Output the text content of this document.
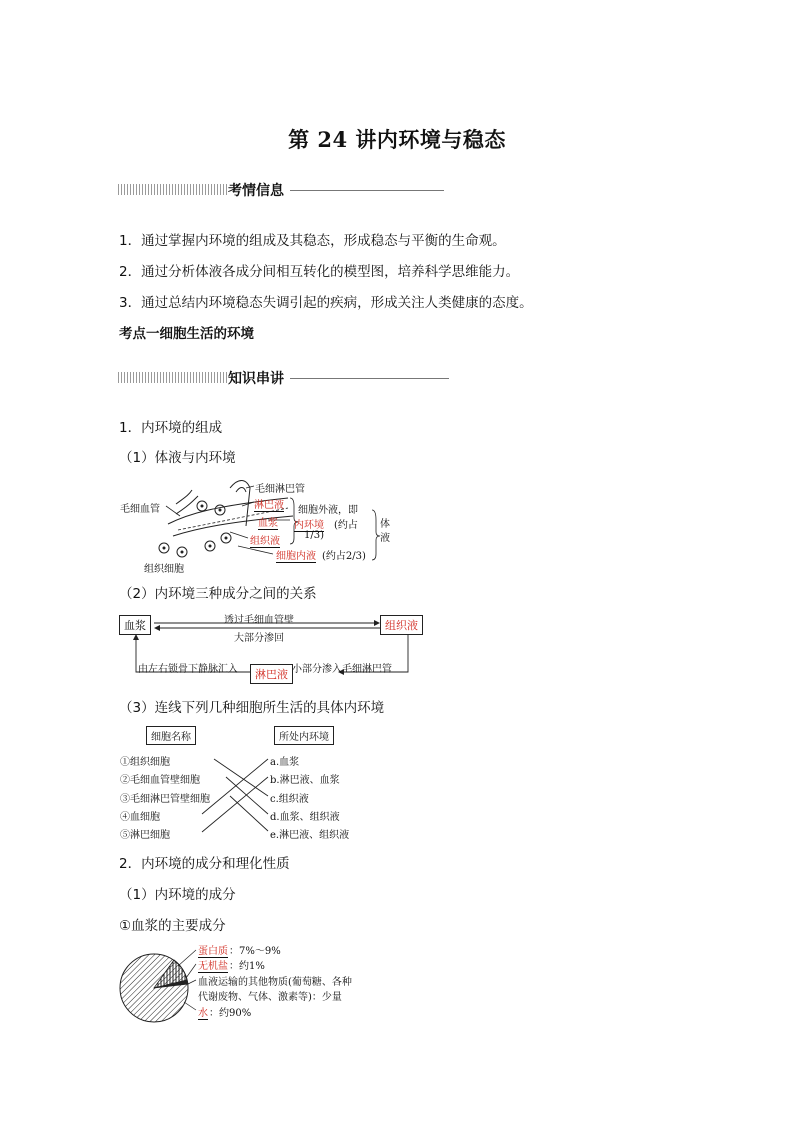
第 24 讲内环境与稳态
考情信息
1．通过掌握内环境的组成及其稳态，形成稳态与平衡的生命观。
2．通过分析体液各成分间相互转化的模型图，培养科学思维能力。
3．通过总结内环境稳态失调引起的疾病，形成关注人类健康的态度。
考点一细胞生活的环境
知识串讲
1．内环境的组成
（1）体液与内环境
毛细血管
毛细淋巴管
淋巴液
血浆
组织液
组织细胞
细胞外液，即
内环境 (约占
1/3)
细胞内液 (约占2/3)
体
液
（2）内环境三种成分之间的关系
血浆	组织液
淋巴液
透过毛细血管壁
大部分渗回
由左右锁骨下静脉汇入	小部分渗入毛细淋巴管
（3）连线下列几种细胞所生活的具体内环境
细胞名称	所处内环境
①组织细胞
②毛细血管壁细胞
③毛细淋巴管壁细胞
④血细胞
⑤淋巴细胞
a.血浆
b.淋巴液、血浆
c.组织液
d.血浆、组织液
e.淋巴液、组织液
2．内环境的成分和理化性质
（1）内环境的成分
①血浆的主要成分
蛋白质 ：7%～9%
无机盐 ：约1%
血液运输的其他物质(葡萄糖、各种
代谢废物、气体、激素等)：少量
水 ：约90%
